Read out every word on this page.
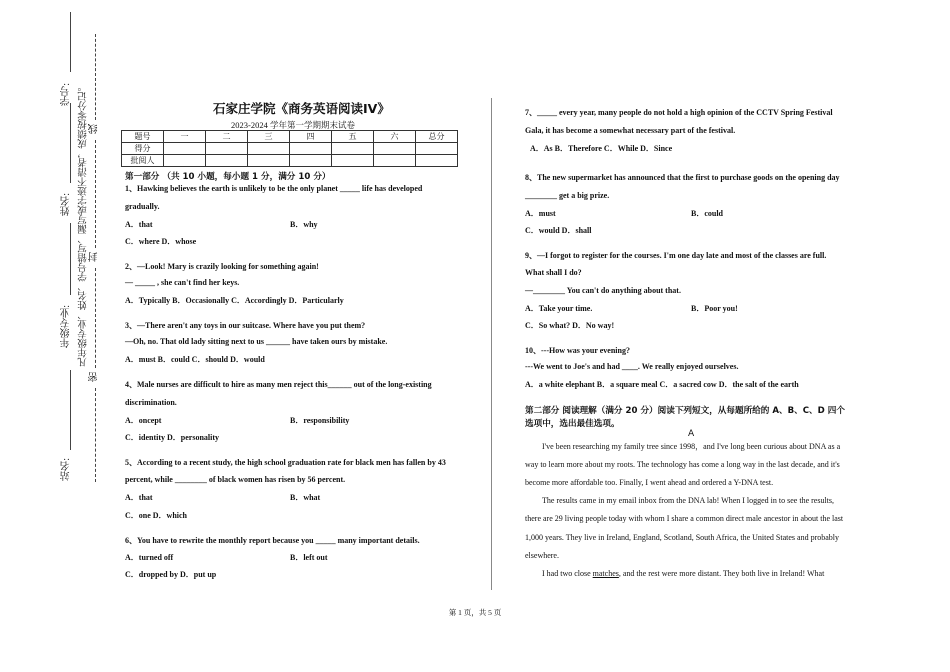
学号:
姓名:
年级专业:
站名:
凡年级专业、姓名、学号错写、漏写或字迹不清者，成绩按零分记。 线
封
密
石家庄学院《商务英语阅读IV》
2023-2024 学年第一学期期末试卷
题号	一	二	三	四	五	六	总分
得分							
批阅人							
第一部分 （共 10 小题，每小题 1 分，满分 10 分）
1、Hawking believes the earth is unlikely to be the only planet _____ life has developed
gradually.
A．that	B．why
C．where D．whose
2、—Look! Mary is crazily looking for something again!
— _____ , she can't find her keys.
A．Typically B．Occasionally C．Accordingly D．Particularly
3、—There aren't any toys in our suitcase. Where have you put them?
—Oh, no. That old lady sitting next to us ______ have taken ours by mistake.
A．must B．could C．should D．would
4、Male nurses are difficult to hire as many men reject this______ out of the long-existing
discrimination.
A．oncept	B．responsibility
C．identity D．personality
5、According to a recent study, the high school graduation rate for black men has fallen by 43
percent, while ________ of black women has risen by 56 percent.
A．that	B．what
C．one D．which
6、You have to rewrite the monthly report because you _____ many important details.
A．turned off	B．left out
C．dropped by D．put up
7、_____ every year, many people do not hold a high opinion of the CCTV Spring Festival
Gala, it has become a somewhat necessary part of the festival.
A．As B．Therefore C．While D．Since
8、The new supermarket has announced that the first to purchase goods on the opening day
________ get a big prize.
A．must	B．could
C．would D．shall
9、—I forgot to register for the courses. I'm one day late and most of the classes are full.
What shall I do?
—________ You can't do anything about that.
A．Take your time.	B．Poor you!
C．So what? D．No way!
10、---How was your evening?
---We went to Joe's and had ____. We really enjoyed ourselves.
A．a white elephant B．a square meal C．a sacred cow D．the salt of the earth
第二部分 阅读理解（满分 20 分）阅读下列短文，从每题所给的 A、B、C、D 四个
选项中，选出最佳选项。
A
I've been researching my family tree since 1998，and I've long been curious about DNA as a
way to learn more about my roots. The technology has come a long way in the last decade, and it's
become more affordable too. Finally, I went ahead and ordered a Y-DNA test.
The results came in my email inbox from the DNA lab! When I logged in to see the results,
there are 29 living people today with whom I share a common direct male ancestor in about the last
1,000 years. They live in Ireland, England, Scotland, South Africa, the United States and probably
elsewhere.
I had two close matches, and the rest were more distant. They both live in Ireland! What
第 1 页，共 5 页
